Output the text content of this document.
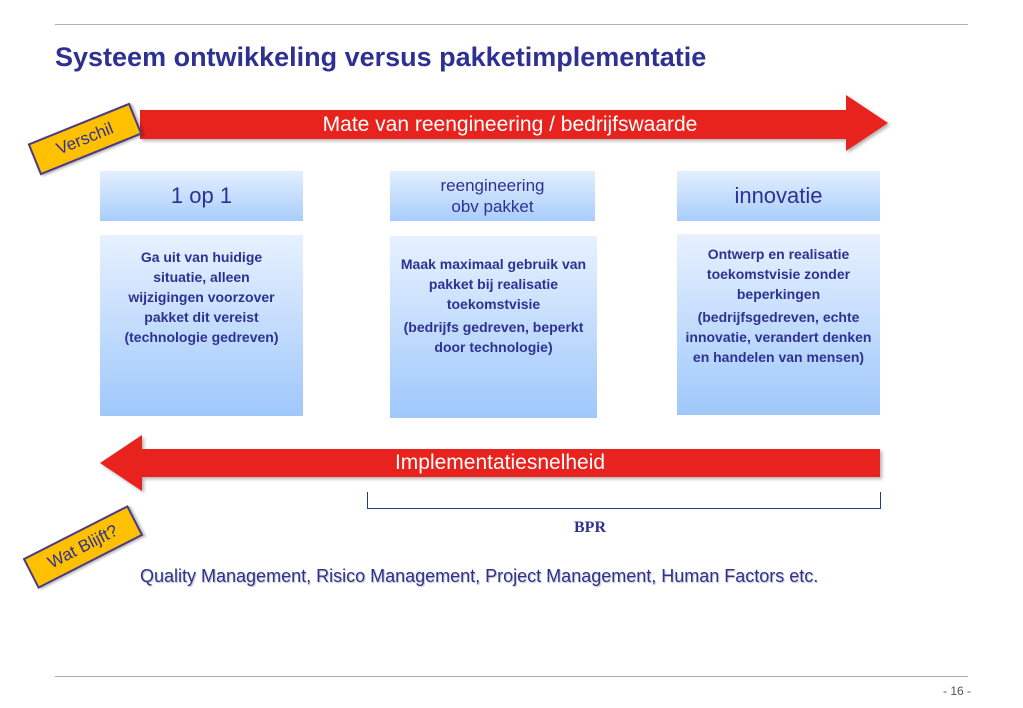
Systeem ontwikkeling versus pakketimplementatie
Mate van reengineering / bedrijfswaarde
Implementatiesnelheid
Verschil
Wat Blijft?
1 op 1

Ga uit van huidige situatie, alleen wijzigingen voorzover pakket dit vereist (technologie gedreven)

reengineering
obv pakket

Maak maximaal gebruik van pakket bij realisatie toekomstvisie

(bedrijfs gedreven, beperkt door technologie)

innovatie

Ontwerp en realisatie toekomstvisie zonder beperkingen

(bedrijfsgedreven, echte innovatie, verandert denken en handelen van mensen)

BPR
Quality Management, Risico Management, Project Management, Human Factors etc.
- 16 -
